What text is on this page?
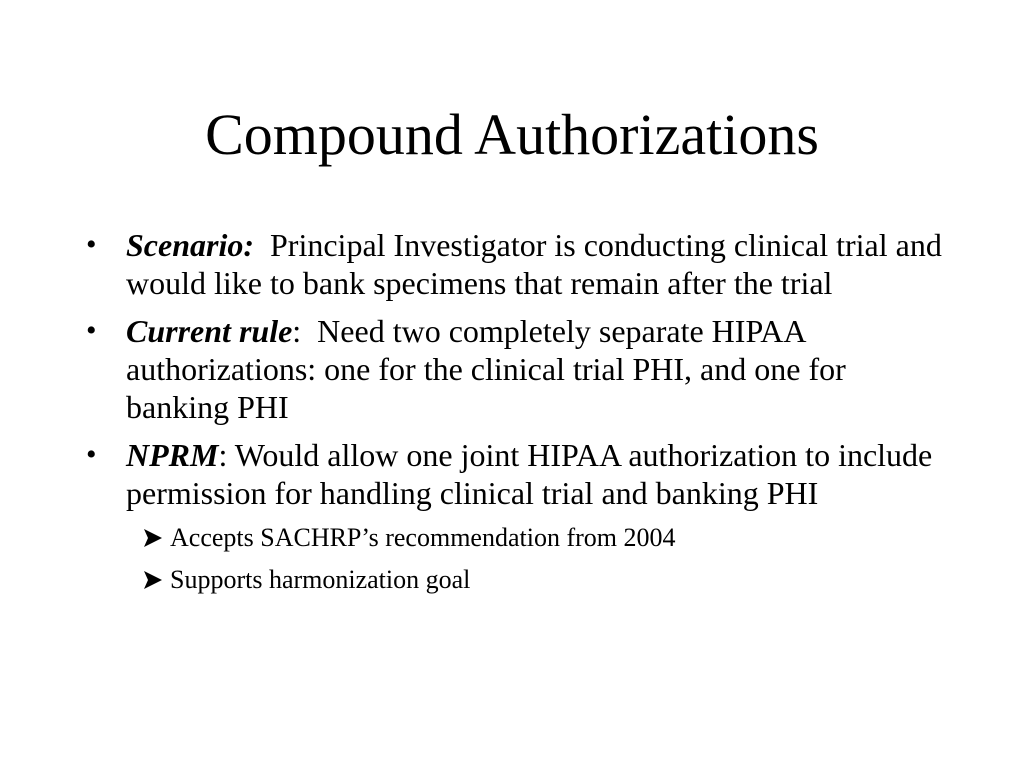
Compound Authorizations
• Scenario:  Principal Investigator is conducting clinical trial and would like to bank specimens that remain after the trial
• Current rule:  Need two completely separate HIPAA authorizations: one for the clinical trial PHI, and one for banking PHI
• NPRM: Would allow one joint HIPAA authorization to include permission for handling clinical trial and banking PHI
Accepts SACHRP’s recommendation from 2004
Supports harmonization goal
